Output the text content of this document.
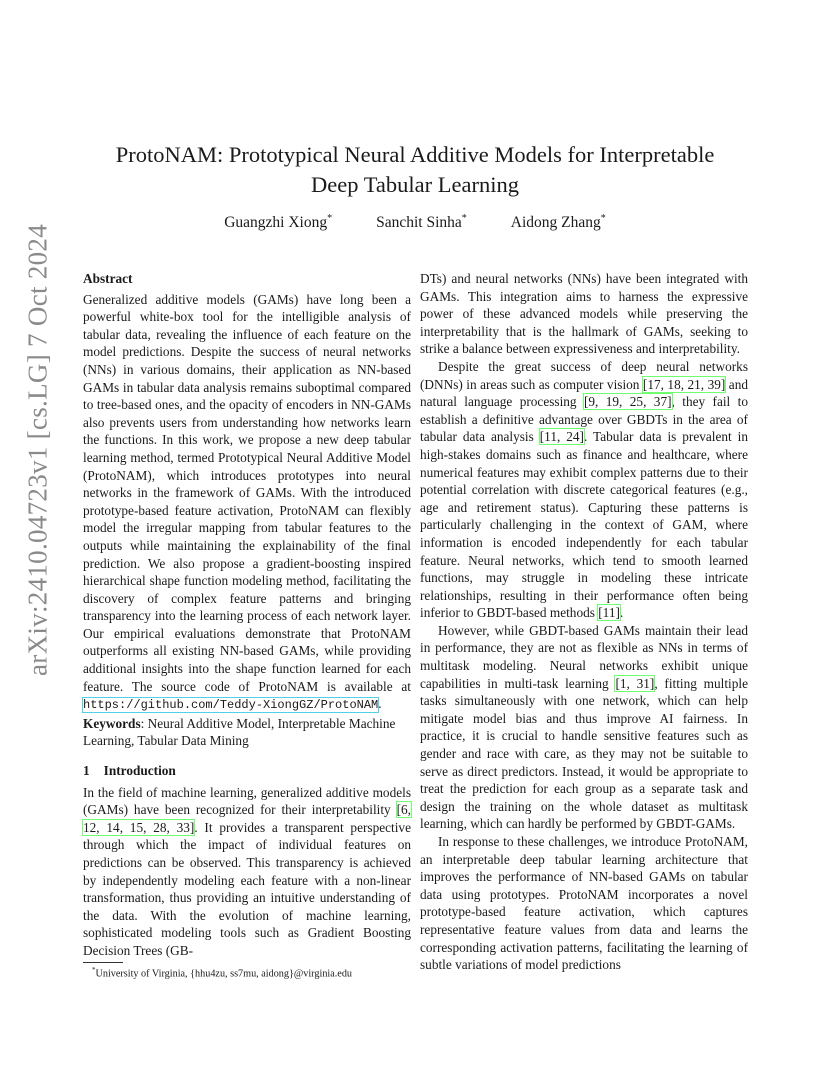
arXiv:2410.04723v1 [cs.LG] 7 Oct 2024
ProtoNAM: Prototypical Neural Additive Models for Interpretable
Deep Tabular Learning
Guangzhi Xiong*	Sanchit Sinha*	Aidong Zhang*
Abstract

Generalized additive models (GAMs) have long been a powerful white-box tool for the intelligible analysis of tabular data, revealing the influence of each feature on the model predictions. Despite the success of neural networks (NNs) in various domains, their application as NN-based GAMs in tabular data analysis remains suboptimal compared to tree-based ones, and the opacity of encoders in NN-GAMs also prevents users from understanding how networks learn the functions. In this work, we propose a new deep tabular learning method, termed Prototypical Neural Additive Model (ProtoNAM), which introduces prototypes into neural networks in the framework of GAMs. With the introduced prototype-based feature activation, ProtoNAM can flexibly model the irregular mapping from tabular features to the outputs while maintaining the explainability of the final prediction. We also propose a gradient-boosting inspired hierarchical shape function modeling method, facilitating the discovery of complex feature patterns and bringing transparency into the learning process of each network layer. Our empirical evaluations demonstrate that ProtoNAM outperforms all existing NN-based GAMs, while providing additional insights into the shape function learned for each feature. The source code of ProtoNAM is available at https://github.com/Teddy-XiongGZ/ProtoNAM.

Keywords: Neural Additive Model, Interpretable Machine Learning, Tabular Data Mining

1 Introduction

In the field of machine learning, generalized additive models (GAMs) have been recognized for their interpretability [6, 12, 14, 15, 28, 33]. It provides a transparent perspective through which the impact of individual features on predictions can be observed. This transparency is achieved by independently modeling each feature with a non-linear transformation, thus providing an intuitive understanding of the data. With the evolution of machine learning, sophisticated modeling tools such as Gradient Boosting Decision Trees (GB-

DTs) and neural networks (NNs) have been integrated with GAMs. This integration aims to harness the expressive power of these advanced models while preserving the interpretability that is the hallmark of GAMs, seeking to strike a balance between expressiveness and interpretability.

Despite the great success of deep neural networks (DNNs) in areas such as computer vision [17, 18, 21, 39] and natural language processing [9, 19, 25, 37], they fail to establish a definitive advantage over GBDTs in the area of tabular data analysis [11, 24]. Tabular data is prevalent in high-stakes domains such as finance and healthcare, where numerical features may exhibit complex patterns due to their potential correlation with discrete categorical features (e.g., age and retirement status). Capturing these patterns is particularly challenging in the context of GAM, where information is encoded independently for each tabular feature. Neural networks, which tend to smooth learned functions, may struggle in modeling these intricate relationships, resulting in their performance often being inferior to GBDT-based methods [11].

However, while GBDT-based GAMs maintain their lead in performance, they are not as flexible as NNs in terms of multitask modeling. Neural networks exhibit unique capabilities in multi-task learning [1, 31], fitting multiple tasks simultaneously with one network, which can help mitigate model bias and thus improve AI fairness. In practice, it is crucial to handle sensitive features such as gender and race with care, as they may not be suitable to serve as direct predictors. Instead, it would be appropriate to treat the prediction for each group as a separate task and design the training on the whole dataset as multitask learning, which can hardly be performed by GBDT-GAMs.

In response to these challenges, we introduce ProtoNAM, an interpretable deep tabular learning architecture that improves the performance of NN-based GAMs on tabular data using prototypes. ProtoNAM incorporates a novel prototype-based feature activation, which captures representative feature values from data and learns the corresponding activation patterns, facilitating the learning of subtle variations of model predictions

*University of Virginia, {hhu4zu, ss7mu, aidong}@virginia.edu
